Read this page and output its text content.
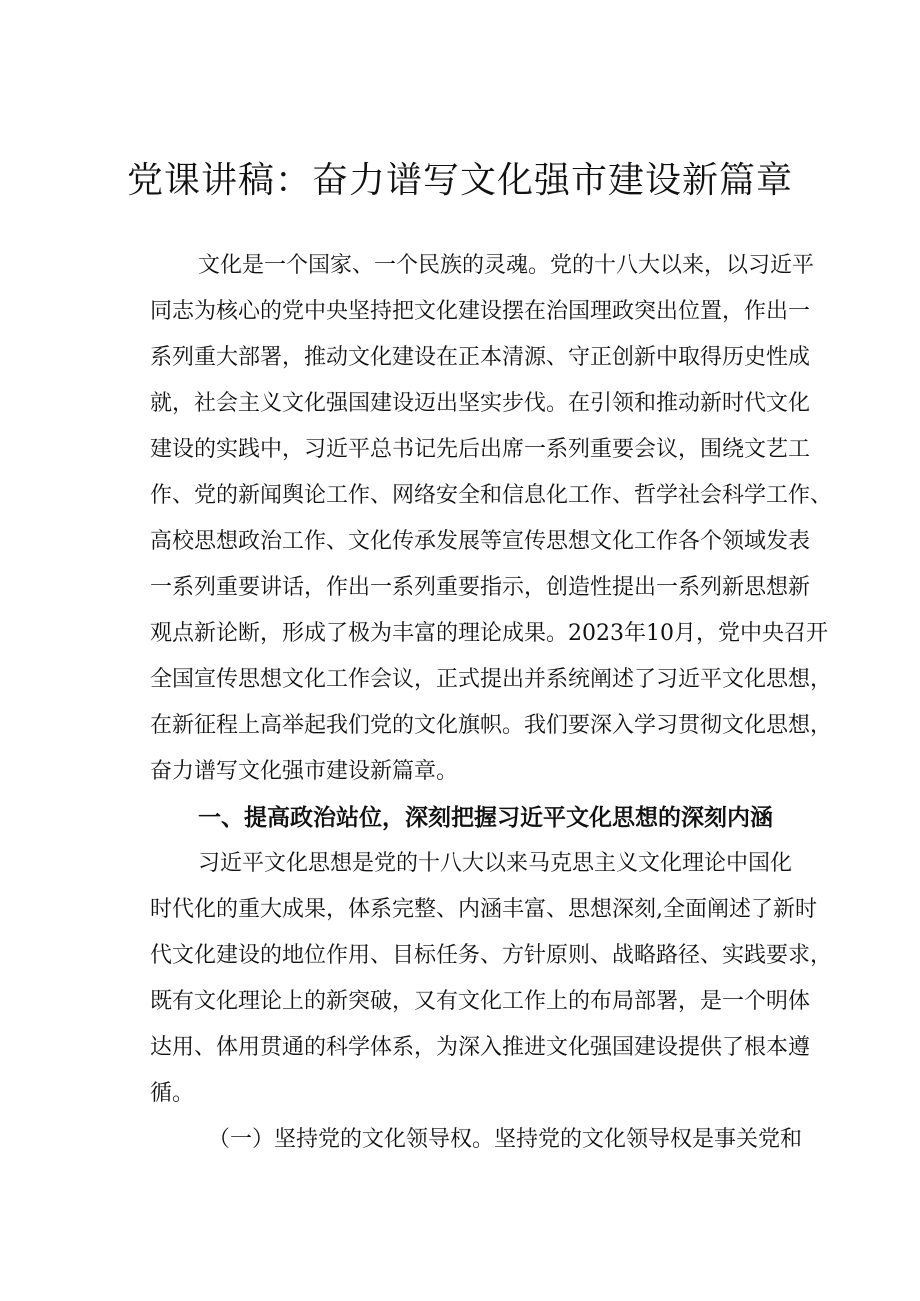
党课讲稿：奋力谱写文化强市建设新篇章

文化是一个国家、一个民族的灵魂。党的十八大以来，以习近平

同志为核心的党中央坚持把文化建设摆在治国理政突出位置，作出一

系列重大部署，推动文化建设在正本清源、守正创新中取得历史性成

就，社会主义文化强国建设迈出坚实步伐。在引领和推动新时代文化

建设的实践中，习近平总书记先后出席一系列重要会议，围绕文艺工

作、党的新闻舆论工作、网络安全和信息化工作、哲学社会科学工作、

高校思想政治工作、文化传承发展等宣传思想文化工作各个领域发表

一系列重要讲话，作出一系列重要指示，创造性提出一系列新思想新

观点新论断，形成了极为丰富的理论成果。2023年10月，党中央召开

全国宣传思想文化工作会议，正式提出并系统阐述了习近平文化思想，

在新征程上高举起我们党的文化旗帜。我们要深入学习贯彻文化思想，

奋力谱写文化强市建设新篇章。

一、提高政治站位，深刻把握习近平文化思想的深刻内涵

习近平文化思想是党的十八大以来马克思主义文化理论中国化

时代化的重大成果，体系完整、内涵丰富、思想深刻,全面阐述了新时

代文化建设的地位作用、目标任务、方针原则、战略路径、实践要求，

既有文化理论上的新突破，又有文化工作上的布局部署，是一个明体

达用、体用贯通的科学体系，为深入推进文化强国建设提供了根本遵

循。

（一）坚持党的文化领导权。坚持党的文化领导权是事关党和
